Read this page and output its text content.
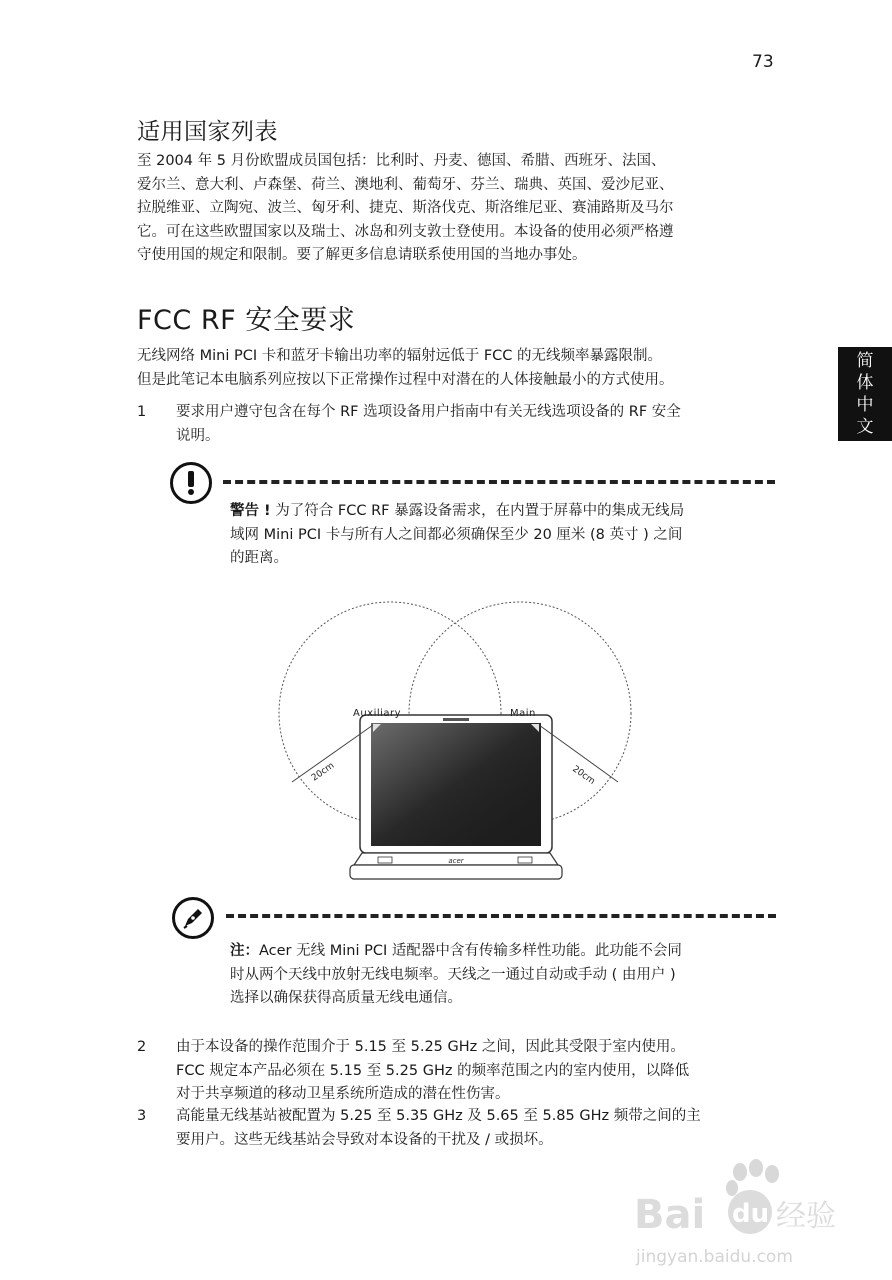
73
简
体
中
文
适用国家列表
至 2004 年 5 月份欧盟成员国包括：比利时、丹麦、德国、希腊、西班牙、法国、
爱尔兰、意大利、卢森堡、荷兰、澳地利、葡萄牙、芬兰、瑞典、英国、爱沙尼亚、
拉脱维亚、立陶宛、波兰、匈牙利、捷克、斯洛伐克、斯洛维尼亚、赛浦路斯及马尔
它。可在这些欧盟国家以及瑞士、冰岛和列支敦士登使用。本设备的使用必须严格遵
守使用国的规定和限制。要了解更多信息请联系使用国的当地办事处。
FCC RF 安全要求
无线网络 Mini PCI 卡和蓝牙卡输出功率的辐射远低于 FCC 的无线频率暴露限制。
但是此笔记本电脑系列应按以下正常操作过程中对潜在的人体接触最小的方式使用。
1 要求用户遵守包含在每个 RF 选项设备用户指南中有关无线选项设备的 RF 安全
说明。
警告 ! 为了符合 FCC RF 暴露设备需求，在内置于屏幕中的集成无线局
域网 Mini PCI 卡与所有人之间都必须确保至少 20 厘米 (8 英寸 ) 之间
的距离。
acer
Auxiliary	Main
20cm	20cm
注：Acer 无线 Mini PCI 适配器中含有传输多样性功能。此功能不会同
时从两个天线中放射无线电频率。天线之一通过自动或手动 ( 由用户 )
选择以确保获得高质量无线电通信。
2 由于本设备的操作范围介于 5.15 至 5.25 GHz 之间，因此其受限于室内使用。
FCC 规定本产品必须在 5.15 至 5.25 GHz 的频率范围之内的室内使用，以降低
对于共享频道的移动卫星系统所造成的潜在性伤害。
3 高能量无线基站被配置为 5.25 至 5.35 GHz 及 5.65 至 5.85 GHz 频带之间的主
要用户。这些无线基站会导致对本设备的干扰及 / 或损坏。
Bai du 经验
jingyan.baidu.com
